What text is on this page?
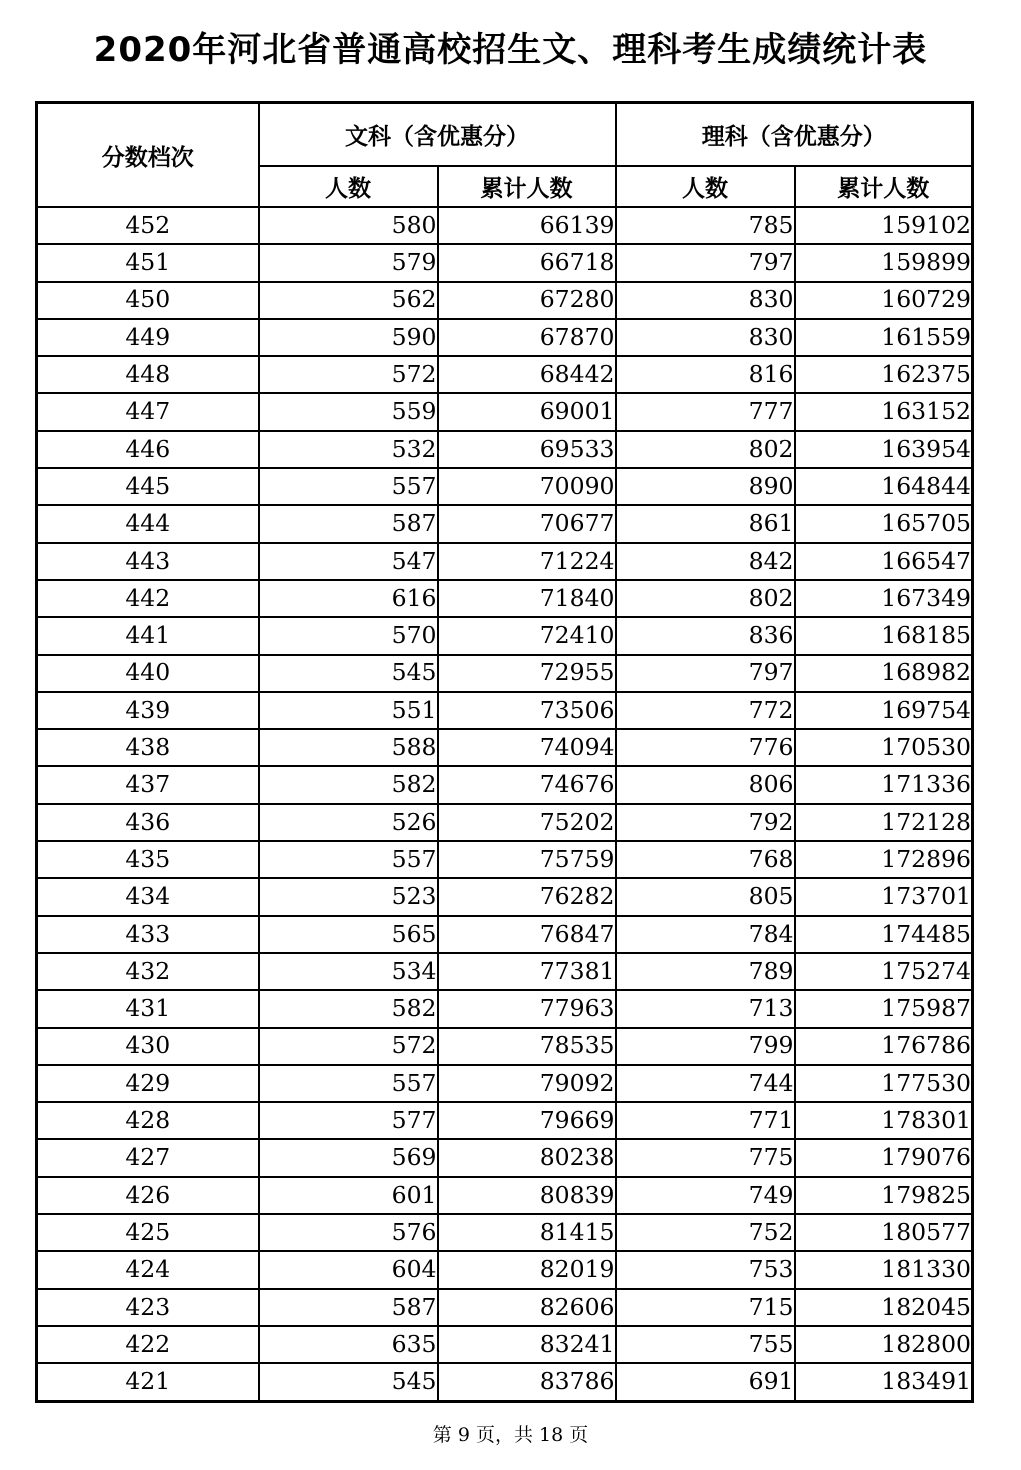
2020年河北省普通高校招生文、理科考生成绩统计表
分数档次	文科（含优惠分）		理科（含优惠分）	
	人数	累计人数	人数	累计人数
452	580	66139	785	159102
451	579	66718	797	159899
450	562	67280	830	160729
449	590	67870	830	161559
448	572	68442	816	162375
447	559	69001	777	163152
446	532	69533	802	163954
445	557	70090	890	164844
444	587	70677	861	165705
443	547	71224	842	166547
442	616	71840	802	167349
441	570	72410	836	168185
440	545	72955	797	168982
439	551	73506	772	169754
438	588	74094	776	170530
437	582	74676	806	171336
436	526	75202	792	172128
435	557	75759	768	172896
434	523	76282	805	173701
433	565	76847	784	174485
432	534	77381	789	175274
431	582	77963	713	175987
430	572	78535	799	176786
429	557	79092	744	177530
428	577	79669	771	178301
427	569	80238	775	179076
426	601	80839	749	179825
425	576	81415	752	180577
424	604	82019	753	181330
423	587	82606	715	182045
422	635	83241	755	182800
421	545	83786	691	183491
第 9 页，共 18 页
